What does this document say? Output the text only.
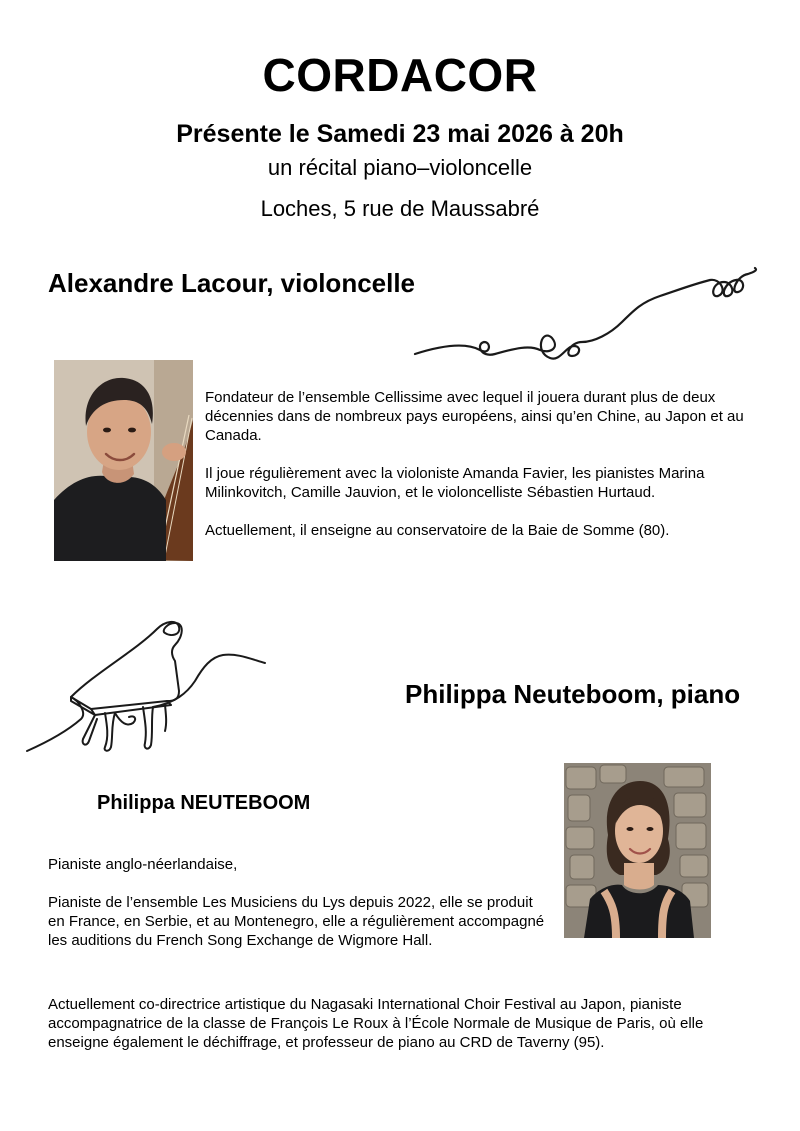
CORDACOR
Présente le Samedi 23 mai 2026 à 20h
un récital piano–violoncelle
Loches, 5 rue de Maussabré
Alexandre Lacour, violoncelle

Fondateur de l’ensemble Cellissime avec lequel il jouera durant plus de deux décennies dans de nombreux pays européens, ainsi qu’en Chine, au Japon et au Canada.

Il joue régulièrement avec la violoniste Amanda Favier, les pianistes Marina Milinkovitch, Camille Jauvion, et le violoncelliste Sébastien Hurtaud.

Actuellement, il enseigne au conservatoire de la Baie de Somme (80).

Philippa Neuteboom, piano
Philippa NEUTEBOOM

Pianiste anglo-néerlandaise,

Pianiste de l’ensemble Les Musiciens du Lys depuis 2022, elle se produit en France, en Serbie, et au Montenegro, elle a régulièrement accompagné les auditions du French Song Exchange de Wigmore Hall.

Actuellement co-directrice artistique du Nagasaki International Choir Festival au Japon, pianiste accompagnatrice de la classe de François Le Roux à l’École Normale de Musique de Paris, où elle enseigne également le déchiffrage, et professeur de piano au CRD de Taverny (95).
